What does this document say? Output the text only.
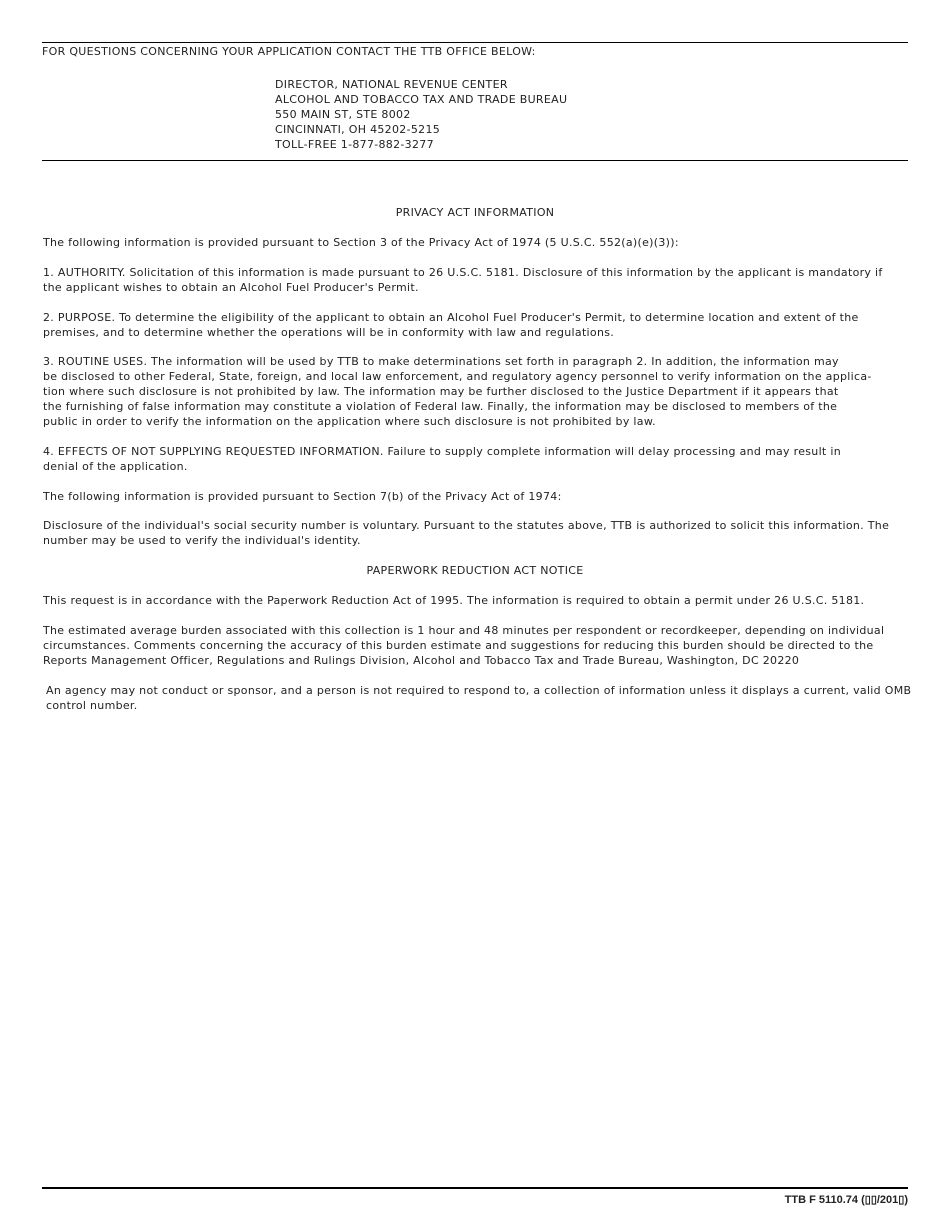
FOR QUESTIONS CONCERNING YOUR APPLICATION CONTACT THE TTB OFFICE BELOW:
DIRECTOR, NATIONAL REVENUE CENTER
ALCOHOL AND TOBACCO TAX AND TRADE BUREAU
550 MAIN ST, STE 8002
CINCINNATI, OH 45202-5215
TOLL-FREE 1-877-882-3277
PRIVACY ACT INFORMATION
The following information is provided pursuant to Section 3 of the Privacy Act of 1974 (5 U.S.C. 552(a)(e)(3)):
1. AUTHORITY. Solicitation of this information is made pursuant to 26 U.S.C. 5181. Disclosure of this information by the applicant is mandatory if
the applicant wishes to obtain an Alcohol Fuel Producer's Permit.
2. PURPOSE. To determine the eligibility of the applicant to obtain an Alcohol Fuel Producer's Permit, to determine location and extent of the
premises, and to determine whether the operations will be in conformity with law and regulations.
3. ROUTINE USES. The information will be used by TTB to make determinations set forth in paragraph 2. In addition, the information may
be disclosed to other Federal, State, foreign, and local law enforcement, and regulatory agency personnel to verify information on the applica-
tion where such disclosure is not prohibited by law. The information may be further disclosed to the Justice Department if it appears that
the furnishing of false information may constitute a violation of Federal law. Finally, the information may be disclosed to members of the
public in order to verify the information on the application where such disclosure is not prohibited by law.
4. EFFECTS OF NOT SUPPLYING REQUESTED INFORMATION. Failure to supply complete information will delay processing and may result in
denial of the application.
The following information is provided pursuant to Section 7(b) of the Privacy Act of 1974:
Disclosure of the individual's social security number is voluntary. Pursuant to the statutes above, TTB is authorized to solicit this information. The
number may be used to verify the individual's identity.
PAPERWORK REDUCTION ACT NOTICE
This request is in accordance with the Paperwork Reduction Act of 1995. The information is required to obtain a permit under 26 U.S.C. 5181.
The estimated average burden associated with this collection is 1 hour and 48 minutes per respondent or recordkeeper, depending on individual
circumstances. Comments concerning the accuracy of this burden estimate and suggestions for reducing this burden should be directed to the
Reports Management Officer, Regulations and Rulings Division, Alcohol and Tobacco Tax and Trade Bureau, Washington, DC 20220
An agency may not conduct or sponsor, and a person is not required to respond to, a collection of information unless it displays a current, valid OMB
control number.
TTB F 5110.74 (▯▯/201▯)
